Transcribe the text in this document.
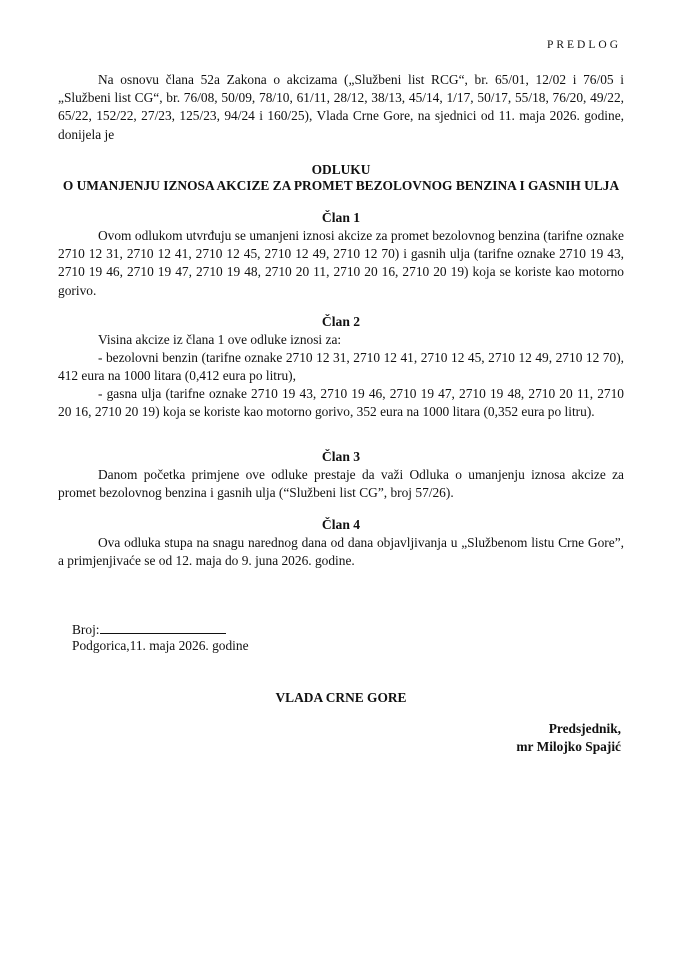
PREDLOG

Na osnovu člana 52a Zakona o akcizama („Službeni list RCG“, br. 65/01, 12/02 i 76/05 i „Službeni list CG“, br. 76/08, 50/09, 78/10, 61/11, 28/12, 38/13, 45/14, 1/17, 50/17, 55/18, 76/20, 49/22, 65/22, 152/22, 27/23, 125/23, 94/24 i 160/25), Vlada Crne Gore, na sjednici od 11. maja 2026. godine, donijela je

ODLUKU
O UMANJENJU IZNOSA AKCIZE ZA PROMET BEZOLOVNOG BENZINA I GASNIH ULJA
Član 1

Ovom odlukom utvrđuju se umanjeni iznosi akcize za promet bezolovnog benzina (tarifne oznake 2710 12 31, 2710 12 41, 2710 12 45, 2710 12 49, 2710 12 70) i gasnih ulja (tarifne oznake 2710 19 43, 2710 19 46, 2710 19 47, 2710 19 48, 2710 20 11, 2710 20 16, 2710 20 19) koja se koriste kao motorno gorivo.

Član 2

Visina akcize iz člana 1 ove odluke iznosi za:

- bezolovni benzin (tarifne oznake 2710 12 31, 2710 12 41, 2710 12 45, 2710 12 49, 2710 12 70), 412 eura na 1000 litara (0,412 eura po litru),

- gasna ulja (tarifne oznake 2710 19 43, 2710 19 46, 2710 19 47, 2710 19 48, 2710 20 11, 2710 20 16, 2710 20 19) koja se koriste kao motorno gorivo, 352 eura na 1000 litara (0,352 eura po litru).

Član 3

Danom početka primjene ove odluke prestaje da važi Odluka o umanjenju iznosa akcize za promet bezolovnog benzina i gasnih ulja (“Službeni list CG”, broj 57/26).

Član 4

Ova odluka stupa na snagu narednog dana od dana objavljivanja u „Službenom listu Crne Gore”, a primjenjivaće se od 12. maja do 9. juna 2026. godine.

Broj:
Podgorica,11. maja 2026. godine
VLADA CRNE GORE
Predsjednik,
mr Milojko Spajić
